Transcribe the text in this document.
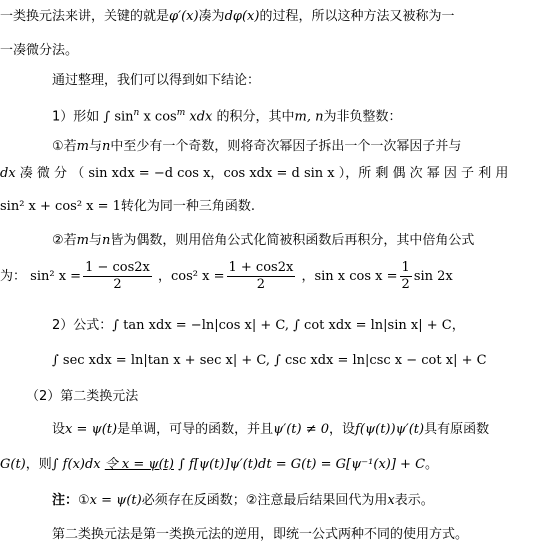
一类换元法来讲，关键的就是φ′(x)凑为dφ(x)的过程，所以这种方法又被称为一
一凑微分法。
通过整理，我们可以得到如下结论：
1）形如 ∫ $\sin^n x$ $\cos^m$ xdx 的积分，其中m, n为非负整数：
①若m与n中至少有一个奇数，则将奇次幂因子拆出一个一次幂因子并与
dx 凑 微 分 （ sin xdx = −d cos x，cos xdx = d sin x ），所 剩 偶 次 幂 因 子 利 用
sin² x + cos² x = 1转化为同一种三角函数.
②若m与n皆为偶数，则用倍角公式化简被积函数后再积分，其中倍角公式
为： sin² $x = \frac{1 - \cos 2x}{2}$ ，cos² $x = \frac{1 + \cos 2x}{2}$ ，sin x $\cos x = \frac{1}{2}$ sin 2x
2）公式：∫ tan xdx = −ln|cos x| + C, ∫ cot xdx = ln|sin x| + C，
∫ sec xdx = ln|tan x + sec x| + C, ∫ csc xdx = ln|csc x − cot x| + C
（2）第二类换元法
设x = ψ(t)是单调，可导的函数，并且ψ′(t) ≠ 0，设f(ψ(t))ψ′(t)具有原函数
G(t)，则∫ f(x)dx 令 x = ψ(t) ∫ f[ψ(t)]ψ′(t)dt = G(t) = G[ψ⁻¹(x)] + C。
注：①x = ψ(t)必须存在反函数；②注意最后结果回代为用x表示。
第二类换元法是第一类换元法的逆用，即统一公式两种不同的使用方式。
